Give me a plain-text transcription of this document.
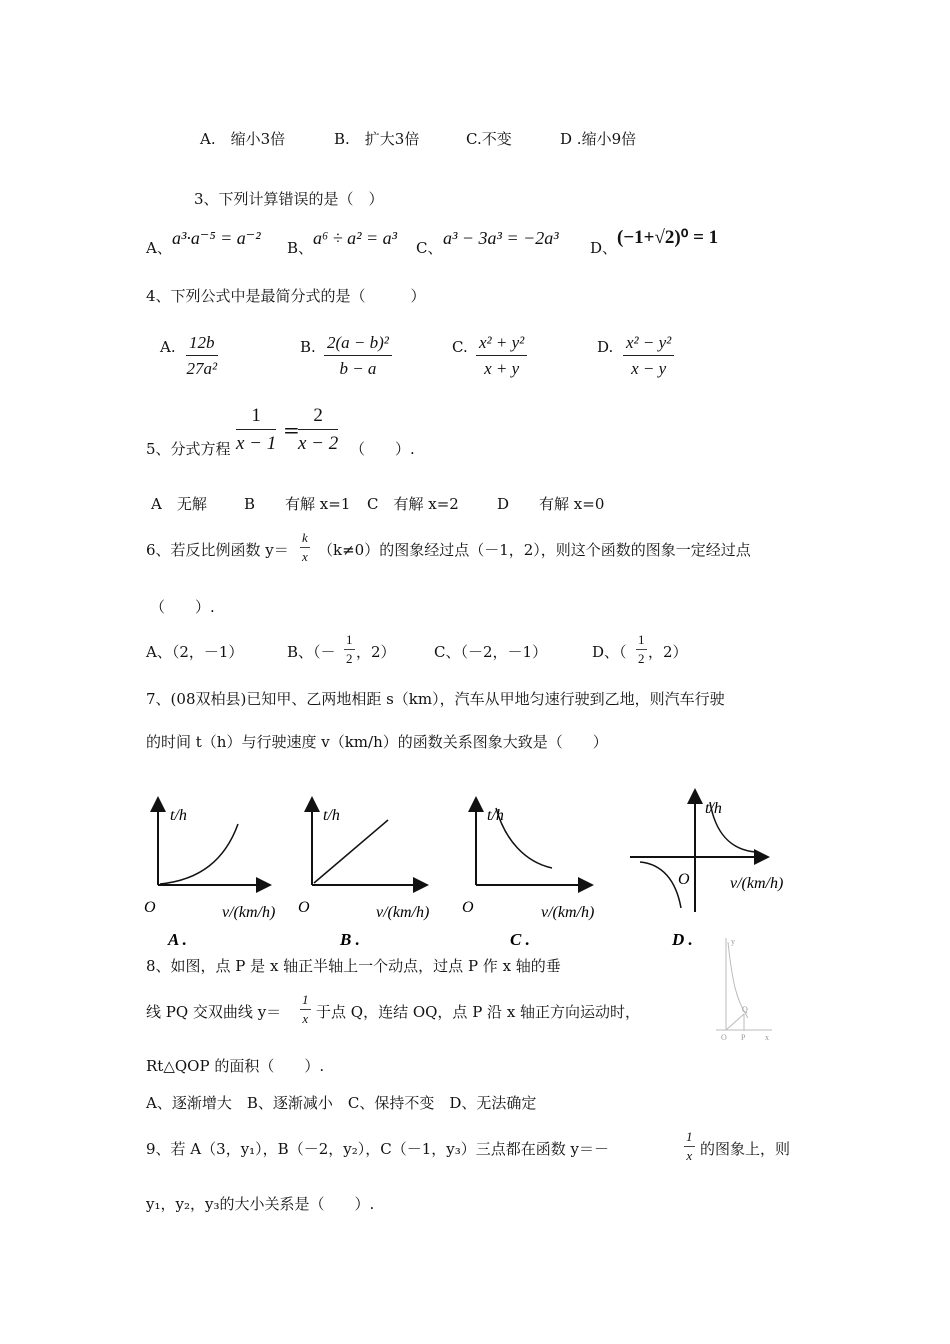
A.　缩小3倍	B.　扩大3倍	C.不变	D .缩小9倍
3、下列计算错误的是（　）
A、 a³·a⁻⁵ = a⁻² B、 a⁶ ÷ a² = a³ C、 a³ − 3a³ = −2a³ D、 (−1+√2)⁰ = 1
4、下列公式中是最简分式的是（　　　）
A. $\frac{12b}{\text{27a²}}$	B. $\frac{\text{2(a − b)²}}{b - a}$	C. $\frac{\text{x² + y²}}{x + y}$	D. $\frac{\text{x² − y²}}{x - y}$
5、分式方程 $\frac{1}{x - 1}$ =
$\frac{2}{x - 2}$ （　　）.
A　无解 B　　有解 x=1 C　有解 x=2	D　　有解 x=0
6、若反比例函数 $y= \frac{k}{x} (k\ne 0)$的图象经过点（－1，2），则这个函数的图象一定经过点
（　　）.
A、（2，－1）	B、（－ $\frac{1}{2}$ ，2）	C、（－2，－1）	D、（ $\frac{1}{2}$ ，2）
7、(08双柏县)已知甲、乙两地相距 s（km），汽车从甲地匀速行驶到乙地，则汽车行驶
的时间 t（h）与行驶速度 v（km/h）的函数关系图象大致是（　　）
t/h
O	v/(km/h)
A .
t/h
O	v/(km/h)
B .
t/h
O	v/(km/h)
C .
t/h
O	v/(km/h)
D .
8、如图，点 P 是 x 轴正半轴上一个动点，过点 P 作 x 轴的垂
线 PQ 交双曲线 $y= \frac{1}{x}$ 于点 Q，连结 OQ，点 P 沿 x 轴正方向运动时，
Rt△QOP 的面积（　　）.
A、逐渐增大　B、逐渐减小　C、保持不变　D、无法确定
y
Q
O P x
9、若 A（3，y₁），B（－2，y₂），C（－1，y₃）三点都在函数 y＝－	$\frac{1}{x}$ 的图象上，则
y₁，y₂，y₃的大小关系是（　　）.
